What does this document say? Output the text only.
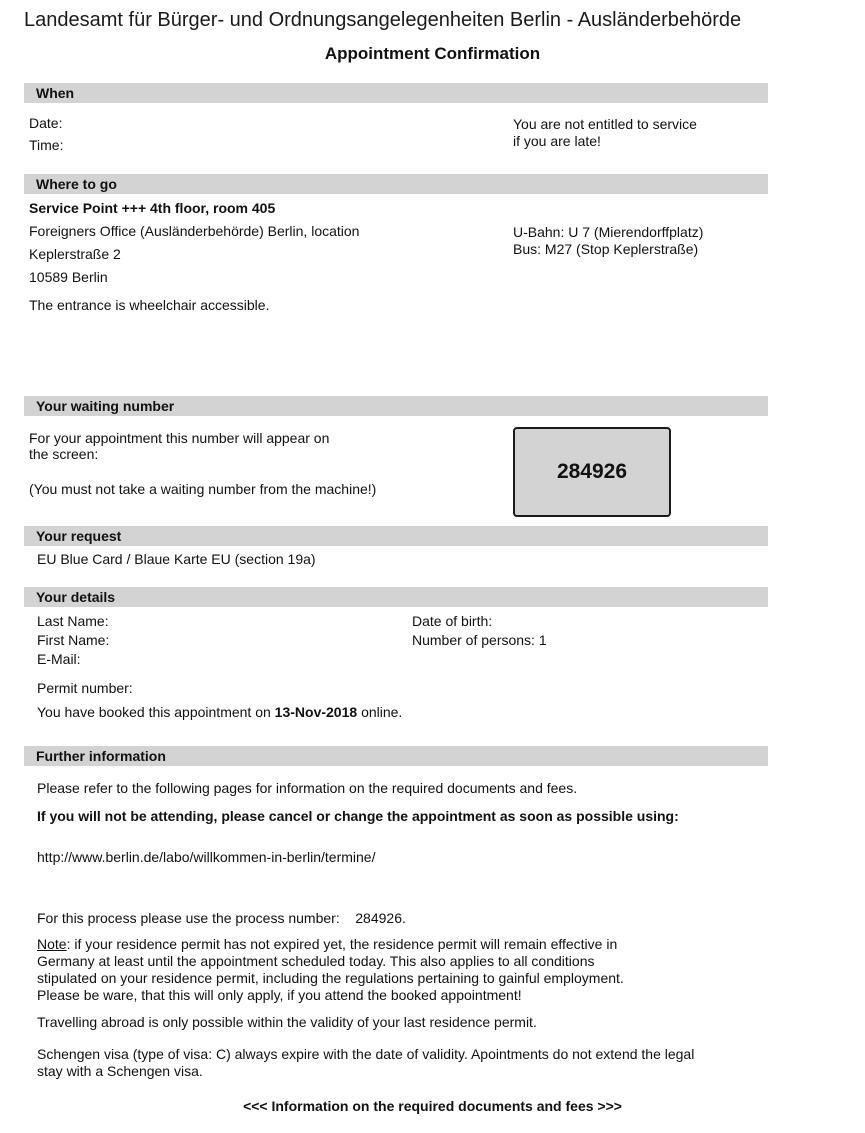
Landesamt für Bürger- und Ordnungsangelegenheiten Berlin - Ausländerbehörde
Appointment Confirmation
When
Date:
Time:
You are not entitled to service
if you are late!
Where to go
Service Point +++ 4th floor, room 405
Foreigners Office (Ausländerbehörde) Berlin, location
Keplerstraße 2
10589 Berlin
The entrance is wheelchair accessible.
U-Bahn: U 7 (Mierendorffplatz)
Bus: M27 (Stop Keplerstraße)
Your waiting number
For your appointment this number will appear on
the screen:
(You must not take a waiting number from the machine!)
284926
Your request
EU Blue Card / Blaue Karte EU (section 19a)
Your details
Last Name:
First Name:
E-Mail:
Date of birth:
Number of persons: 1
Permit number:
You have booked this appointment on 13-Nov-2018 online.
Further information
Please refer to the following pages for information on the required documents and fees.
If you will not be attending, please cancel or change the appointment as soon as possible using:
http://www.berlin.de/labo/willkommen-in-berlin/termine/
For this process please use the process number: 284926.
Note: if your residence permit has not expired yet, the residence permit will remain effective in
Germany at least until the appointment scheduled today. This also applies to all conditions
stipulated on your residence permit, including the regulations pertaining to gainful employment.
Please be ware, that this will only apply, if you attend the booked appointment!
Travelling abroad is only possible within the validity of your last residence permit.
Schengen visa (type of visa: C) always expire with the date of validity. Apointments do not extend the legal
stay with a Schengen visa.
<<< Information on the required documents and fees >>>
